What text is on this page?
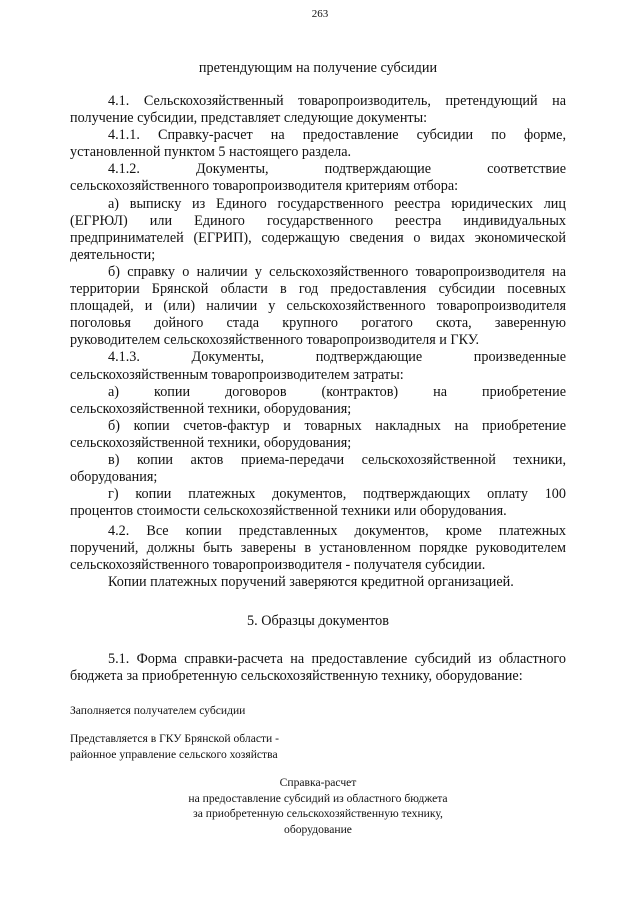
263
претендующим на получение субсидии

4.1. Сельскохозяйственный товаропроизводитель, претендующий на

получение субсидии, представляет следующие документы:

4.1.1. Справку-расчет на предоставление субсидии по форме,

установленной пунктом 5 настоящего раздела.

4.1.2. Документы, подтверждающие соответствие

сельскохозяйственного товаропроизводителя критериям отбора:

а) выписку из Единого государственного реестра юридических лиц

(ЕГРЮЛ) или Единого государственного реестра индивидуальных

предпринимателей (ЕГРИП), содержащую сведения о видах экономической

деятельности;

б) справку о наличии у сельскохозяйственного товаропроизводителя на

территории Брянской области в год предоставления субсидии посевных

площадей, и (или) наличии у сельскохозяйственного товаропроизводителя

поголовья дойного стада крупного рогатого скота, заверенную

руководителем сельскохозяйственного товаропроизводителя и ГКУ.

4.1.3. Документы, подтверждающие произведенные

сельскохозяйственным товаропроизводителем затраты:

а) копии договоров (контрактов) на приобретение

сельскохозяйственной техники, оборудования;

б) копии счетов-фактур и товарных накладных на приобретение

сельскохозяйственной техники, оборудования;

в) копии актов приема-передачи сельскохозяйственной техники,

оборудования;

г) копии платежных документов, подтверждающих оплату 100

процентов стоимости сельскохозяйственной техники или оборудования.

4.2. Все копии представленных документов, кроме платежных

поручений, должны быть заверены в установленном порядке руководителем

сельскохозяйственного товаропроизводителя - получателя субсидии.

Копии платежных поручений заверяются кредитной организацией.

5. Образцы документов

5.1. Форма справки-расчета на предоставление субсидий из областного

бюджета за приобретенную сельскохозяйственную технику, оборудование:

Заполняется получателем субсидии

Представляется в ГКУ Брянской области -

районное управление сельского хозяйства

Справка-расчет

на предоставление субсидий из областного бюджета

за приобретенную сельскохозяйственную технику,

оборудование
